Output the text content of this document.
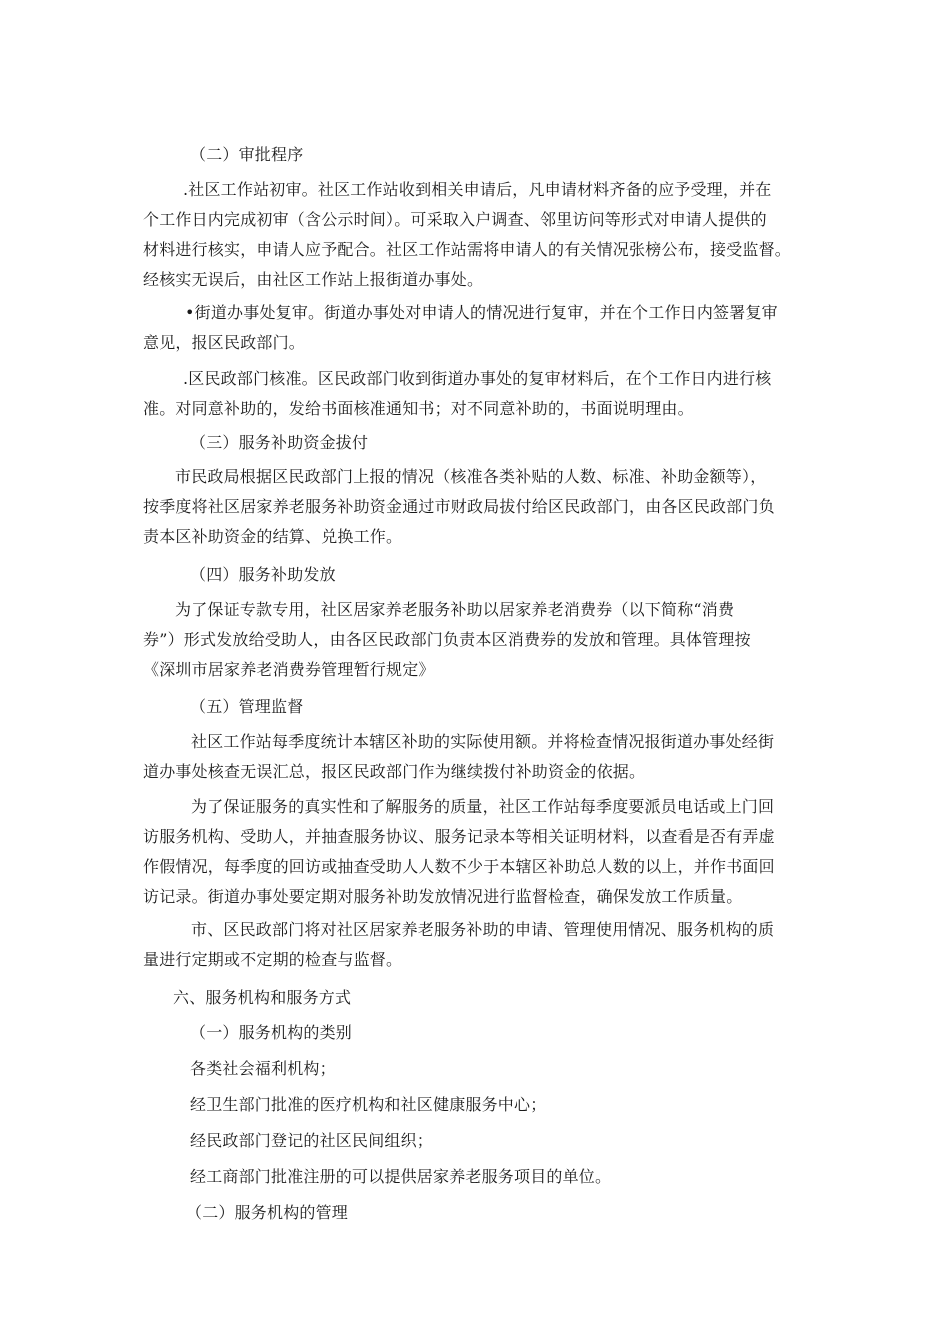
（二）审批程序

.社区工作站初审。社区工作站收到相关申请后，凡申请材料齐备的应予受理，并在
个工作日内完成初审（含公示时间）。可采取入户调查、邻里访问等形式对申请人提供的
材料进行核实，申请人应予配合。社区工作站需将申请人的有关情况张榜公布，接受监督。
经核实无误后，由社区工作站上报街道办事处。

•街道办事处复审。街道办事处对申请人的情况进行复审，并在个工作日内签署复审
意见，报区民政部门。

.区民政部门核准。区民政部门收到街道办事处的复审材料后，在个工作日内进行核
准。对同意补助的，发给书面核准通知书；对不同意补助的，书面说明理由。

（三）服务补助资金拔付

市民政局根据区民政部门上报的情况（核准各类补贴的人数、标准、补助金额等），
按季度将社区居家养老服务补助资金通过市财政局拔付给区民政部门，由各区民政部门负
责本区补助资金的结算、兑换工作。

（四）服务补助发放

为了保证专款专用，社区居家养老服务补助以居家养老消费券（以下简称“消费
券”）形式发放给受助人，由各区民政部门负责本区消费券的发放和管理。具体管理按
《深圳市居家养老消费券管理暂行规定》

（五）管理监督

社区工作站每季度统计本辖区补助的实际使用额。并将检查情况报街道办事处经街
道办事处核查无误汇总，报区民政部门作为继续拨付补助资金的依据。

为了保证服务的真实性和了解服务的质量，社区工作站每季度要派员电话或上门回
访服务机构、受助人，并抽查服务协议、服务记录本等相关证明材料，以查看是否有弄虚
作假情况，每季度的回访或抽查受助人人数不少于本辖区补助总人数的以上，并作书面回
访记录。街道办事处要定期对服务补助发放情况进行监督检查，确保发放工作质量。

市、区民政部门将对社区居家养老服务补助的申请、管理使用情况、服务机构的质
量进行定期或不定期的检查与监督。

六、服务机构和服务方式

（一）服务机构的类别

各类社会福利机构；

经卫生部门批准的医疗机构和社区健康服务中心；

经民政部门登记的社区民间组织；

经工商部门批准注册的可以提供居家养老服务项目的单位。

（二）服务机构的管理
